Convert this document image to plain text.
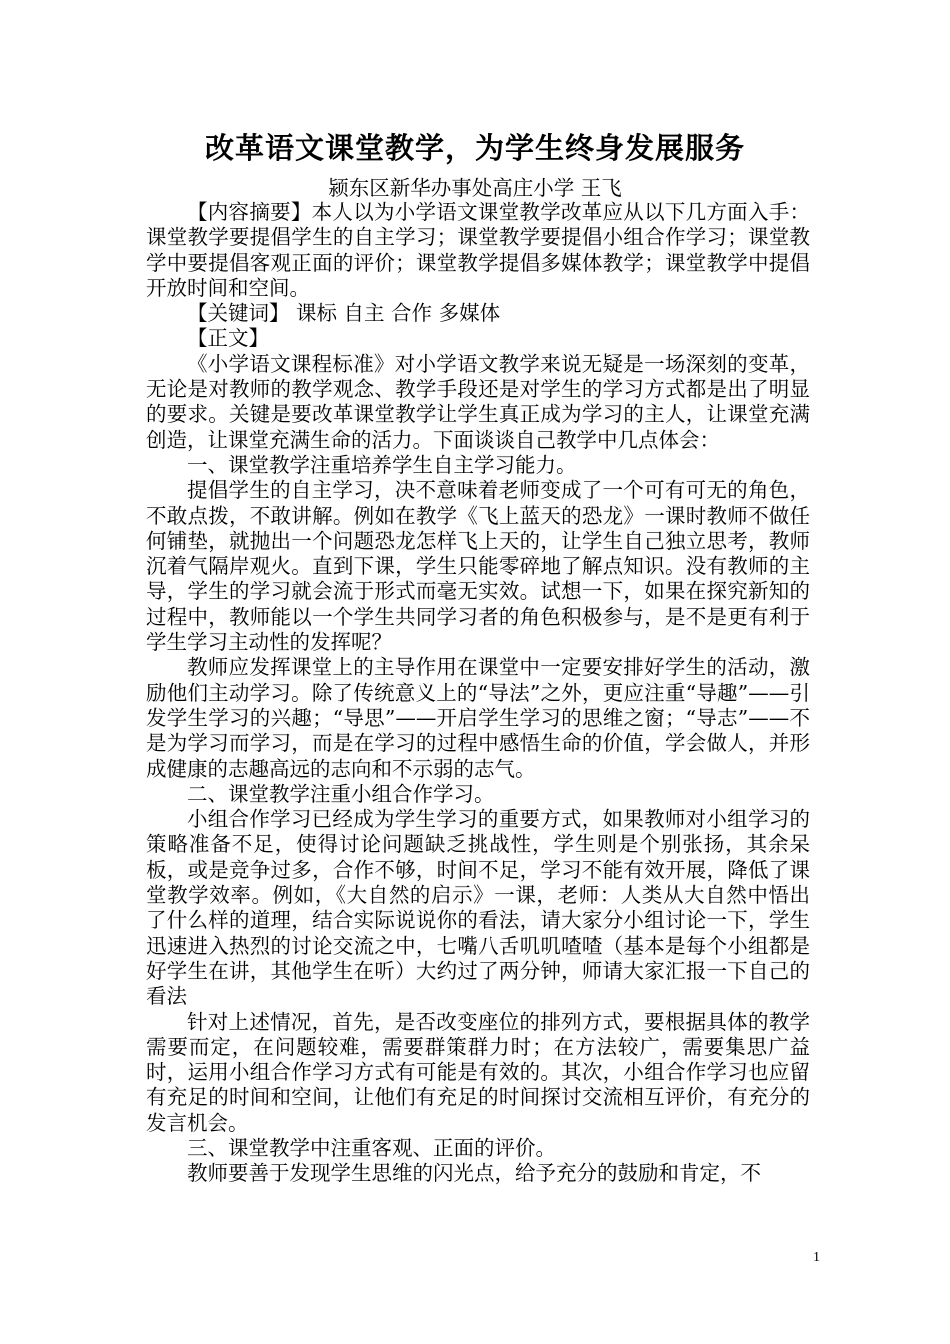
改革语文课堂教学，为学生终身发展服务
颍东区新华办事处高庄小学 王飞

【内容摘要】本人以为小学语文课堂教学改革应从以下几方面入手：课堂教学要提倡学生的自主学习；课堂教学要提倡小组合作学习；课堂教学中要提倡客观正面的评价；课堂教学提倡多媒体教学；课堂教学中提倡开放时间和空间。

【关键词】 课标 自主 合作 多媒体

【正文】

《小学语文课程标准》对小学语文教学来说无疑是一场深刻的变革，无论是对教师的教学观念、教学手段还是对学生的学习方式都是出了明显的要求。关键是要改革课堂教学让学生真正成为学习的主人，让课堂充满创造，让课堂充满生命的活力。下面谈谈自己教学中几点体会：

一、课堂教学注重培养学生自主学习能力。

提倡学生的自主学习，决不意味着老师变成了一个可有可无的角色，不敢点拨，不敢讲解。例如在教学《飞上蓝天的恐龙》一课时教师不做任何铺垫，就抛出一个问题恐龙怎样飞上天的，让学生自己独立思考，教师沉着气隔岸观火。直到下课，学生只能零碎地了解点知识。没有教师的主导，学生的学习就会流于形式而毫无实效。试想一下，如果在探究新知的过程中，教师能以一个学生共同学习者的角色积极参与，是不是更有利于学生学习主动性的发挥呢？

教师应发挥课堂上的主导作用在课堂中一定要安排好学生的活动，激励他们主动学习。除了传统意义上的“导法”之外，更应注重“导趣”——引发学生学习的兴趣；“导思”——开启学生学习的思维之窗；“导志”——不是为学习而学习，而是在学习的过程中感悟生命的价值，学会做人，并形成健康的志趣高远的志向和不示弱的志气。

二、课堂教学注重小组合作学习。

小组合作学习已经成为学生学习的重要方式，如果教师对小组学习的策略准备不足，使得讨论问题缺乏挑战性，学生则是个别张扬，其余呆板，或是竞争过多，合作不够，时间不足，学习不能有效开展，降低了课堂教学效率。例如，《大自然的启示》一课，老师：人类从大自然中悟出了什么样的道理，结合实际说说你的看法，请大家分小组讨论一下，学生迅速进入热烈的讨论交流之中，七嘴八舌叽叽喳喳（基本是每个小组都是好学生在讲，其他学生在听）大约过了两分钟，师请大家汇报一下自己的看法

针对上述情况，首先，是否改变座位的排列方式，要根据具体的教学需要而定，在问题较难，需要群策群力时；在方法较广，需要集思广益时，运用小组合作学习方式有可能是有效的。其次，小组合作学习也应留有充足的时间和空间，让他们有充足的时间探讨交流相互评价，有充分的发言机会。

三、课堂教学中注重客观、正面的评价。

教师要善于发现学生思维的闪光点，给予充分的鼓励和肯定，不

1
